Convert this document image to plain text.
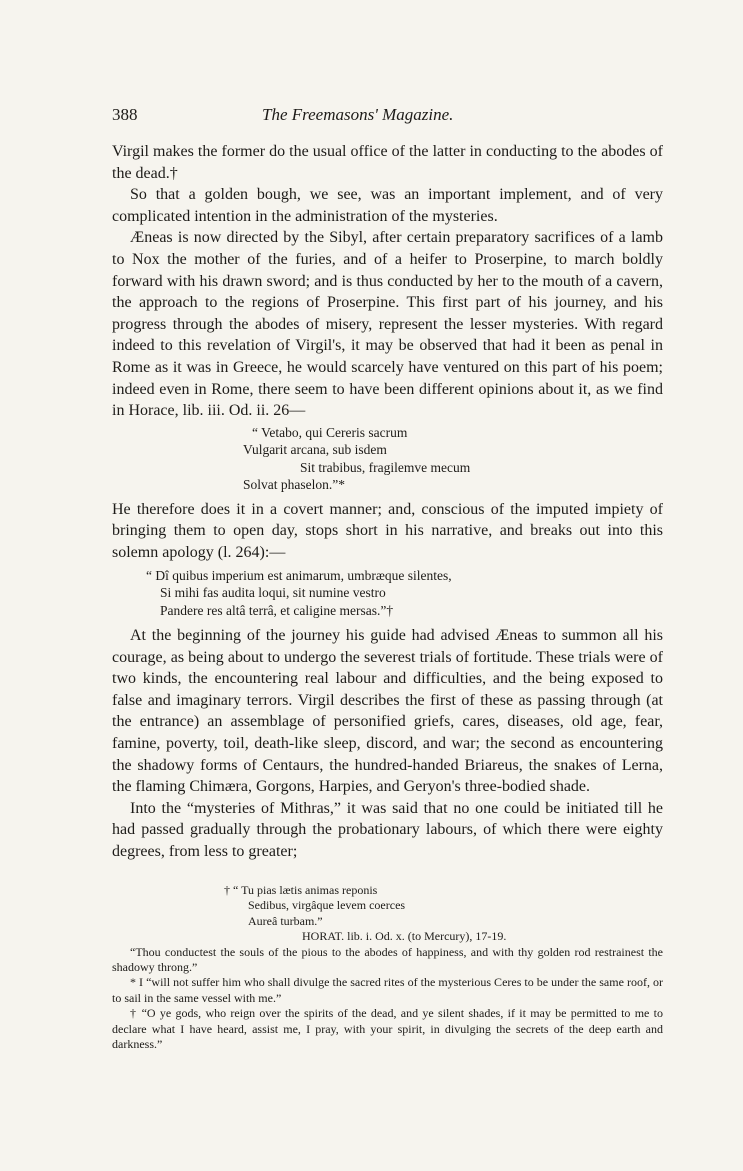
388	The Freemasons' Magazine.

Virgil makes the former do the usual office of the latter in conducting to the abodes of the dead.†

So that a golden bough, we see, was an important implement, and of very complicated intention in the administration of the mysteries.

Æneas is now directed by the Sibyl, after certain preparatory sacrifices of a lamb to Nox the mother of the furies, and of a heifer to Proserpine, to march boldly forward with his drawn sword; and is thus conducted by her to the mouth of a cavern, the approach to the regions of Proserpine. This first part of his journey, and his progress through the abodes of misery, represent the lesser mysteries. With regard indeed to this revelation of Virgil's, it may be observed that had it been as penal in Rome as it was in Greece, he would scarcely have ventured on this part of his poem; indeed even in Rome, there seem to have been different opinions about it, as we find in Horace, lib. iii. Od. ii. 26—

“ Vetabo, qui Cereris sacrum
Vulgarit arcana, sub isdem
Sit trabibus, fragilemve mecum
Solvat phaselon.”*

He therefore does it in a covert manner; and, conscious of the imputed impiety of bringing them to open day, stops short in his narrative, and breaks out into this solemn apology (l. 264):—

“ Dî quibus imperium est animarum, umbræque silentes,
Si mihi fas audita loqui, sit numine vestro
Pandere res altâ terrâ, et caligine mersas.”†

At the beginning of the journey his guide had advised Æneas to summon all his courage, as being about to undergo the severest trials of fortitude. These trials were of two kinds, the encountering real labour and difficulties, and the being exposed to false and imaginary terrors. Virgil describes the first of these as passing through (at the entrance) an assemblage of personified griefs, cares, diseases, old age, fear, famine, poverty, toil, death-like sleep, discord, and war; the second as encountering the shadowy forms of Centaurs, the hundred-handed Briareus, the snakes of Lerna, the flaming Chimæra, Gorgons, Harpies, and Geryon's three-bodied shade.

Into the “mysteries of Mithras,” it was said that no one could be initiated till he had passed gradually through the probationary labours, of which there were eighty degrees, from less to greater;

† “ Tu pias lætis animas reponis
Sedibus, virgâque levem coerces
Aureâ turbam.”
HORAT. lib. i. Od. x. (to Mercury), 17-19.

“Thou conductest the souls of the pious to the abodes of happiness, and with thy golden rod restrainest the shadowy throng.”

* I “will not suffer him who shall divulge the sacred rites of the mysterious Ceres to be under the same roof, or to sail in the same vessel with me.”

† “O ye gods, who reign over the spirits of the dead, and ye silent shades, if it may be permitted to me to declare what I have heard, assist me, I pray, with your spirit, in divulging the secrets of the deep earth and darkness.”
